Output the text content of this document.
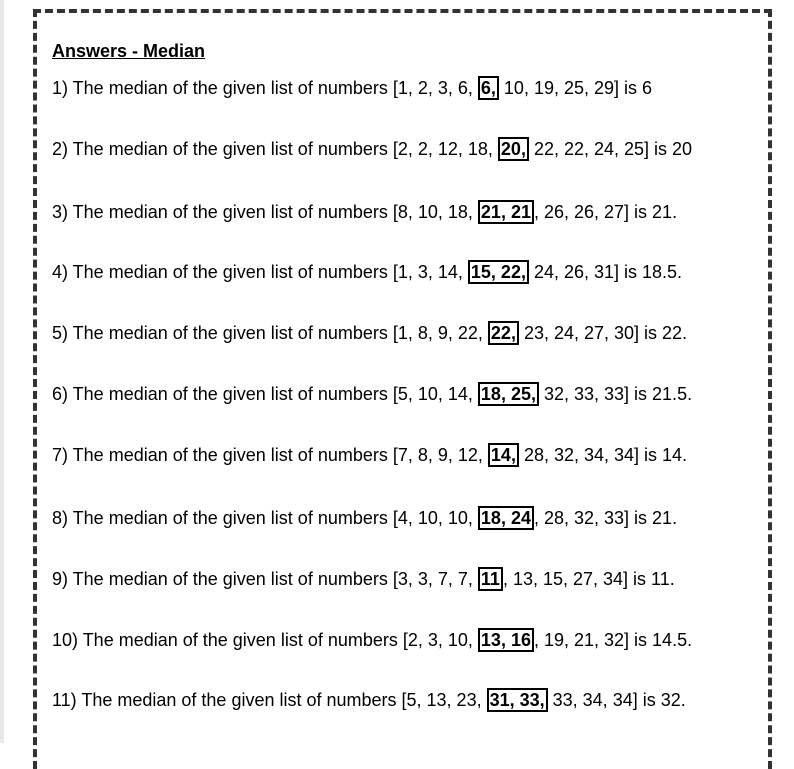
Answers - Median
1) The median of the given list of numbers [1, 2, 3, 6, 6, 10, 19, 25, 29] is 6
2) The median of the given list of numbers [2, 2, 12, 18, 20, 22, 22, 24, 25] is 20
3) The median of the given list of numbers [8, 10, 18, 21, 21 , 26, 26, 27] is 21.
4) The median of the given list of numbers [1, 3, 14, 15, 22, 24, 26, 31] is 18.5.
5) The median of the given list of numbers [1, 8, 9, 22, 22, 23, 24, 27, 30] is 22.
6) The median of the given list of numbers [5, 10, 14, 18, 25, 32, 33, 33] is 21.5.
7) The median of the given list of numbers [7, 8, 9, 12, 14, 28, 32, 34, 34] is 14.
8) The median of the given list of numbers [4, 10, 10, 18, 24 , 28, 32, 33] is 21.
9) The median of the given list of numbers [3, 3, 7, 7, 11 , 13, 15, 27, 34] is 11.
10) The median of the given list of numbers [2, 3, 10, 13, 16 , 19, 21, 32] is 14.5.
11) The median of the given list of numbers [5, 13, 23, 31, 33, 33, 34, 34] is 32.
